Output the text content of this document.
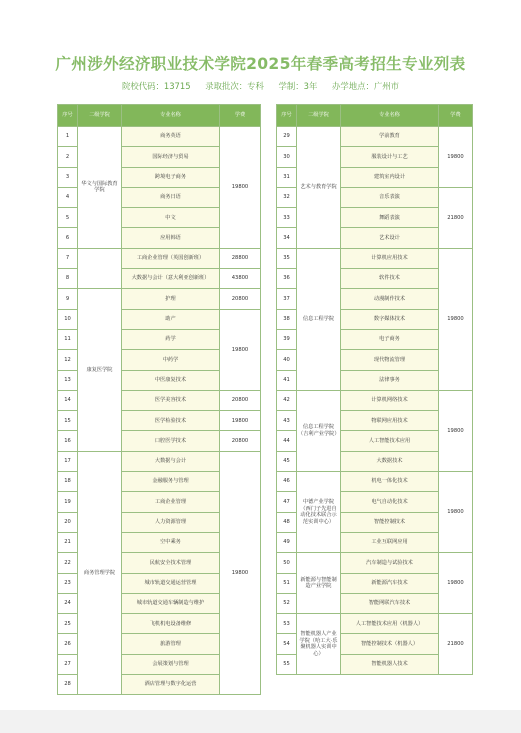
广州涉外经济职业技术学院2025年春季高考招生专业列表
院校代码：13715 录取批次：专科 学制：3年 办学地点：广州市
序号	二级学院	专业名称	学费
1	华文与国际教育学院	商务英语	19800
2		国际经济与贸易	
3		跨境电子商务	
4		商务日语	
5		中文	
6		应用韩语	
7		工商企业管理（英国创新班）	28800
8		大数据与会计（意大利亚创新班）	43800
9	康复医学院	护理	20800
10		助产	19800
11		药学	
12		中药学	
13		中医康复技术	
14		医学美容技术	20800
15		医学检验技术	19800
16		口腔医学技术	20800
17	商务管理学院	大数据与会计	19800
18		金融服务与管理	
19		工商企业管理	
20		人力资源管理	
21		空中乘务	
22		民航安全技术管理	
23		城市轨道交通运营管理	
24		城市轨道交通车辆制造与维护	
25		飞机机电设备维修	
26		旅游管理	
27		会展策划与管理	
28		酒店管理与数字化运营	
序号	二级学院	专业名称	学费
29	艺术与教育学院	学前教育	19800
30		服装设计与工艺	
31		建筑室内设计	
32		音乐表演	21800
33		舞蹈表演	
34		艺术设计	
35	信息工程学院	计算机应用技术	19800
36		软件技术	
37		动漫制作技术	
38		数字媒体技术	
39		电子商务	
40		现代物流管理	
41		法律事务	
42	信息工程学院（吉利产业学院）	计算机网络技术	19800
43		物联网应用技术	
44		人工智能技术应用	
45		大数据技术	
46	中德产业学院（西门子先进自动化技术联合示范实训中心）	机电一体化技术	19800
47		电气自动化技术	
48		智能控制技术	
49		工业互联网应用	
50	新能源与智能制造产业学院	汽车制造与试验技术	19800
51		新能源汽车技术	
52		智能网联汽车技术	
53	智能机器人产业学院（哈工大·乐聚机器人实训中心）	人工智能技术应用（机器人）	21800
54		智能控制技术（机器人）	
55		智能机器人技术	
